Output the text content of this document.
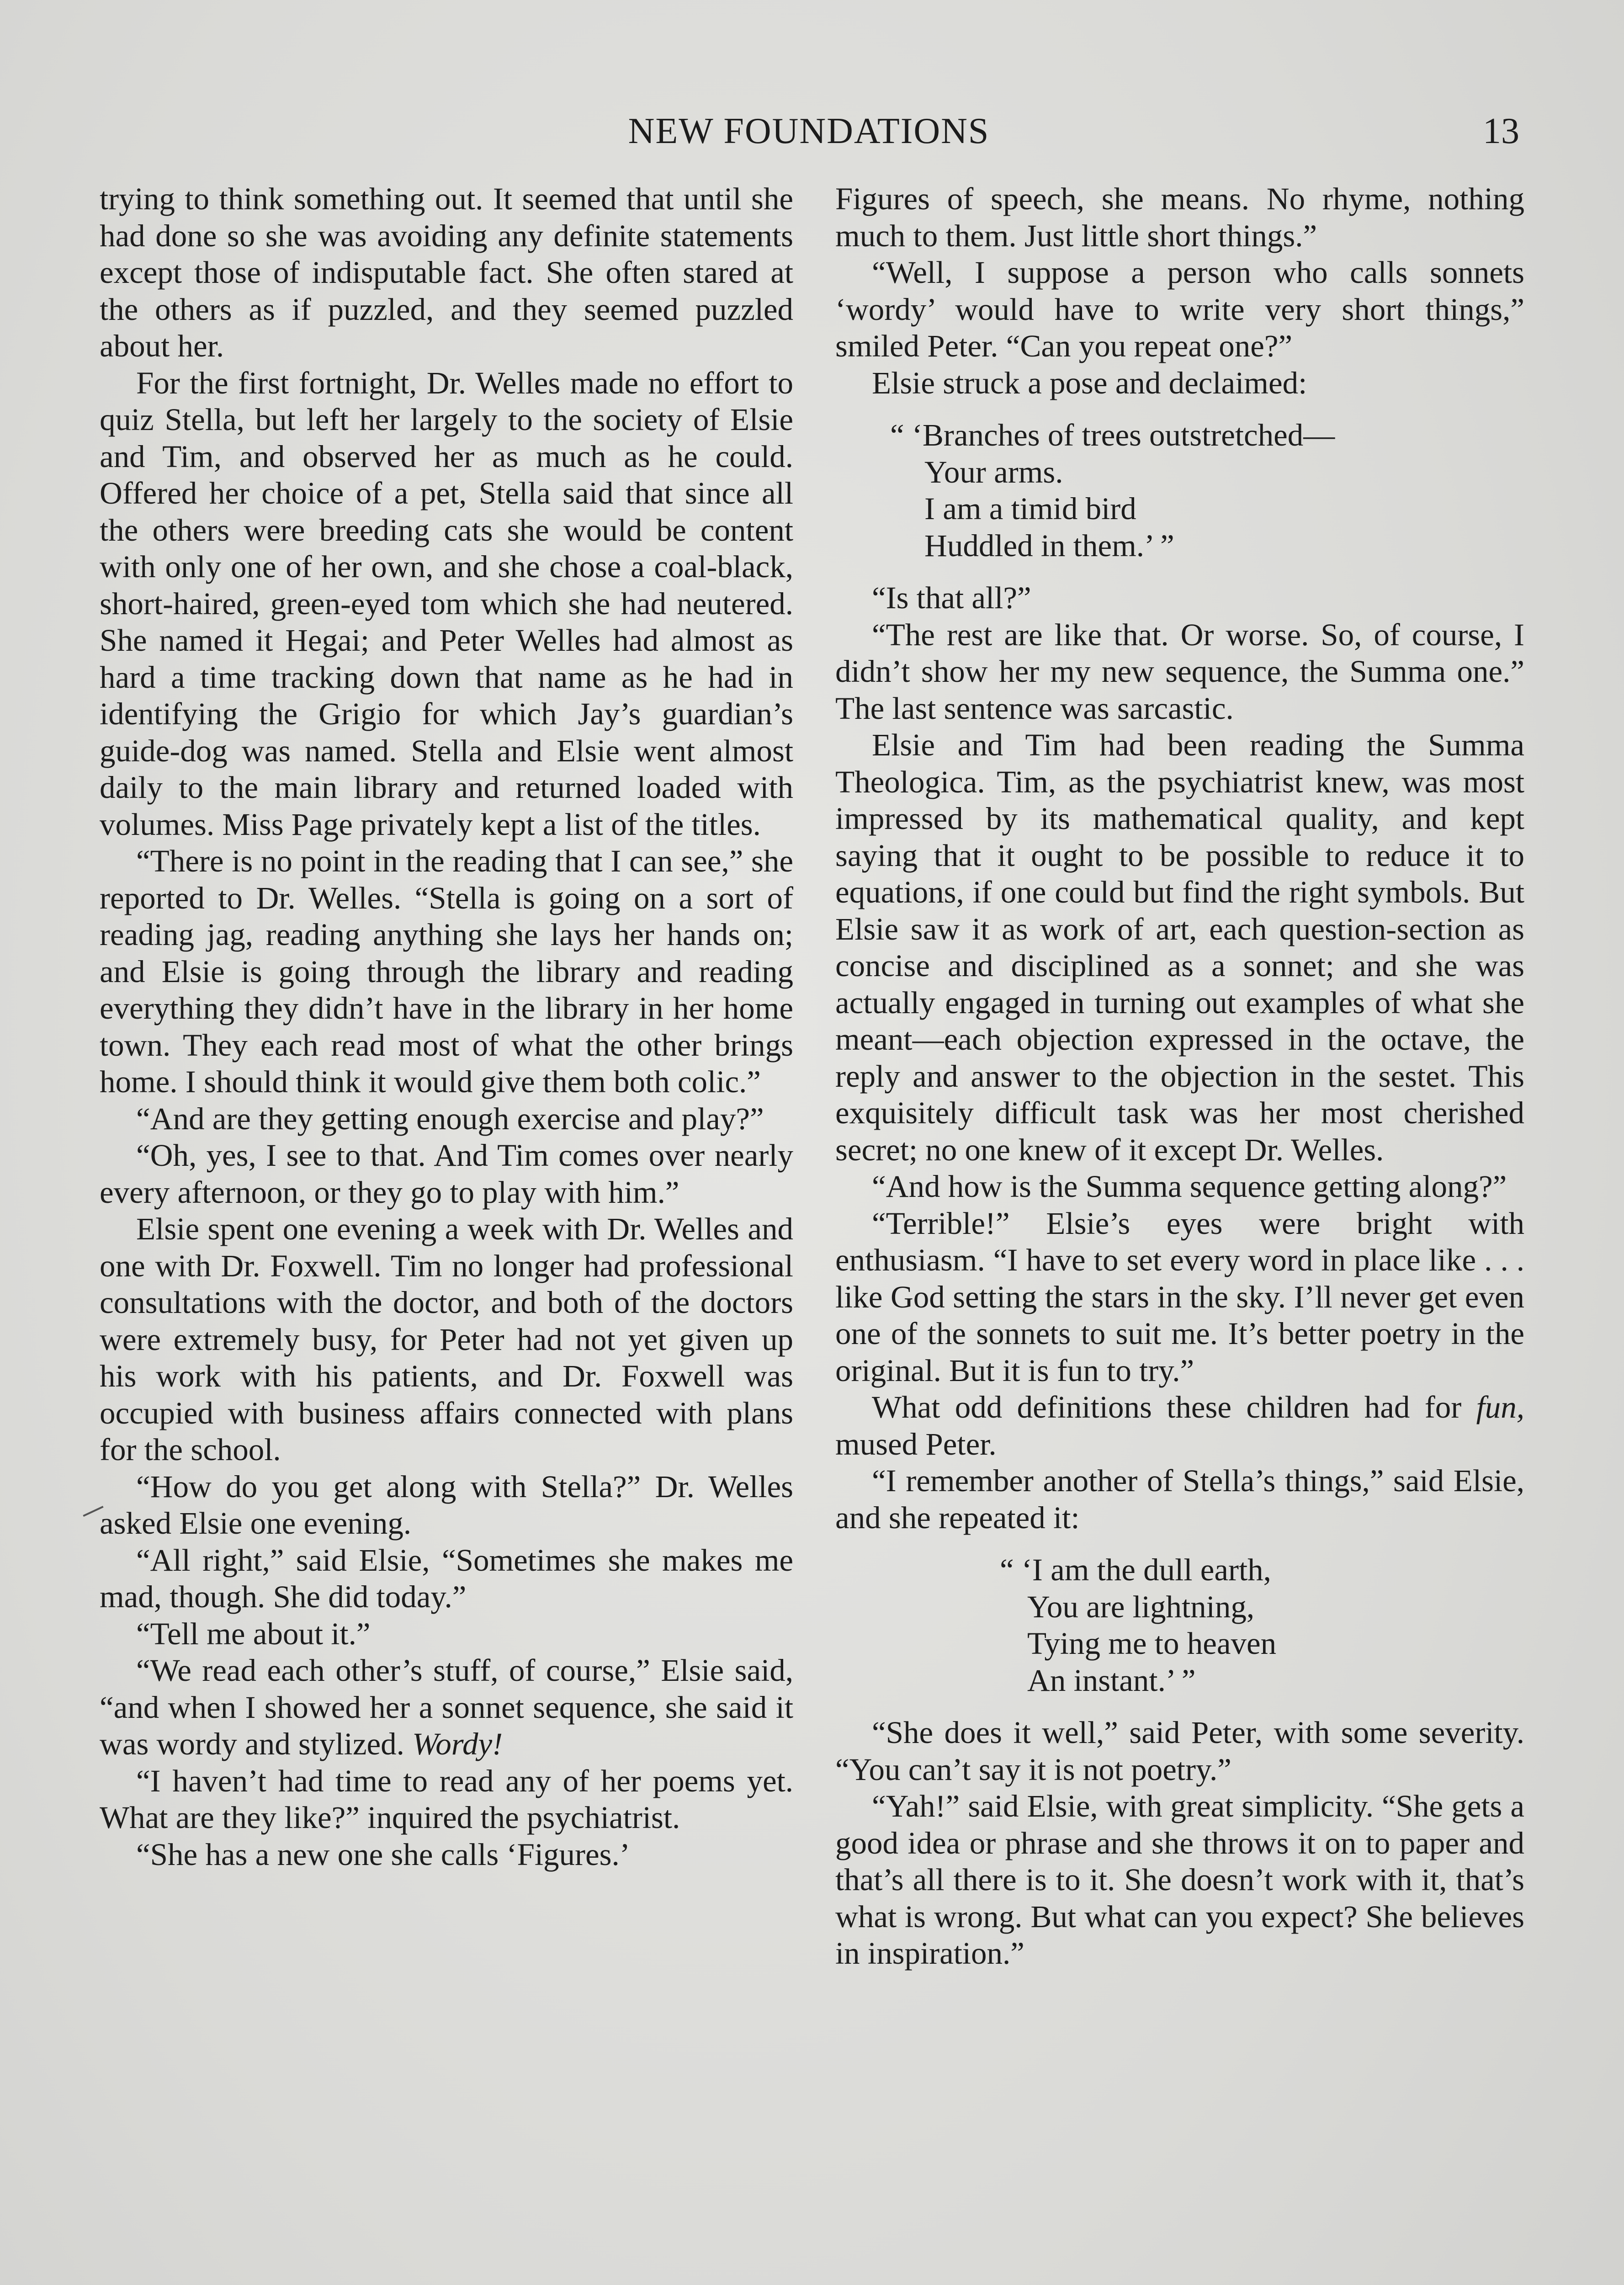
NEW FOUNDATIONS	13

trying to think something out. It seemed that until she had done so she was avoiding any definite statements except those of indisputable fact. She often stared at the others as if puzzled, and they seemed puzzled about her.

For the first fortnight, Dr. Welles made no effort to quiz Stella, but left her largely to the society of Elsie and Tim, and observed her as much as he could. Offered her choice of a pet, Stella said that since all the others were breeding cats she would be content with only one of her own, and she chose a coal-black, short-haired, green-eyed tom which she had neutered. She named it Hegai; and Peter Welles had almost as hard a time tracking down that name as he had in identifying the Grigio for which Jay’s guardian’s guide-dog was named. Stella and Elsie went almost daily to the main library and returned loaded with volumes. Miss Page privately kept a list of the titles.

“There is no point in the reading that I can see,” she reported to Dr. Welles. “Stella is going on a sort of reading jag, reading anything she lays her hands on; and Elsie is going through the library and reading everything they didn’t have in the library in her home town. They each read most of what the other brings home. I should think it would give them both colic.”

“And are they getting enough exercise and play?”

“Oh, yes, I see to that. And Tim comes over nearly every afternoon, or they go to play with him.”

Elsie spent one evening a week with Dr. Welles and one with Dr. Foxwell. Tim no longer had professional consultations with the doctor, and both of the doctors were extremely busy, for Peter had not yet given up his work with his patients, and Dr. Foxwell was occupied with business affairs connected with plans for the school.

“How do you get along with Stella?” Dr. Welles asked Elsie one evening.

“All right,” said Elsie, “Sometimes she makes me mad, though. She did today.”

“Tell me about it.”

“We read each other’s stuff, of course,” Elsie said, “and when I showed her a sonnet sequence, she said it was wordy and stylized. Wordy!

“I haven’t had time to read any of her poems yet. What are they like?” inquired the psychiatrist.

“She has a new one she calls ‘Figures.’

Figures of speech, she means. No rhyme, nothing much to them. Just little short things.”

“Well, I suppose a person who calls sonnets ‘wordy’ would have to write very short things,” smiled Peter. “Can you repeat one?”

Elsie struck a pose and declaimed:

“ ‘Branches of trees outstretched—
Your arms.
I am a timid bird
Huddled in them.’ ”

“Is that all?”

“The rest are like that. Or worse. So, of course, I didn’t show her my new sequence, the Summa one.” The last sentence was sarcastic.

Elsie and Tim had been reading the Summa Theologica. Tim, as the psychiatrist knew, was most impressed by its mathematical quality, and kept saying that it ought to be possible to reduce it to equations, if one could but find the right symbols. But Elsie saw it as work of art, each question-section as concise and disciplined as a sonnet; and she was actually engaged in turning out examples of what she meant—each objection expressed in the octave, the reply and answer to the objection in the sestet. This exquisitely difficult task was her most cherished secret; no one knew of it except Dr. Welles.

“And how is the Summa sequence getting along?”

“Terrible!” Elsie’s eyes were bright with enthusiasm. “I have to set every word in place like . . . like God setting the stars in the sky. I’ll never get even one of the sonnets to suit me. It’s better poetry in the original. But it is fun to try.”

What odd definitions these children had for fun, mused Peter.

“I remember another of Stella’s things,” said Elsie, and she repeated it:

“ ‘I am the dull earth,
You are lightning,
Tying me to heaven
An instant.’ ”

“She does it well,” said Peter, with some severity. “You can’t say it is not poetry.”

“Yah!” said Elsie, with great simplicity. “She gets a good idea or phrase and she throws it on to paper and that’s all there is to it. She doesn’t work with it, that’s what is wrong. But what can you expect? She believes in inspiration.”
